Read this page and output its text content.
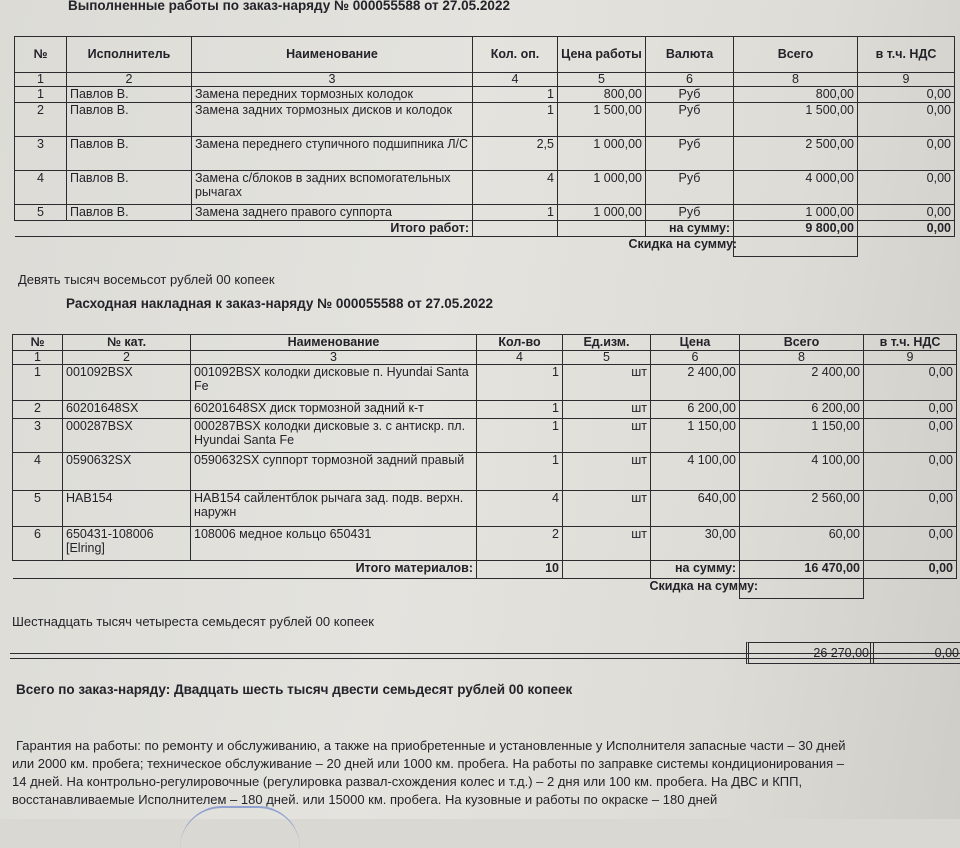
Выполненные работы по заказ-наряду № 000055588 от 27.05.2022
№	Исполнитель	Наименование	Кол. оп.	Цена работы	Валюта	Всего	в т.ч. НДС
1	2	3	4	5	6	8	9
1	Павлов В.	Замена передних тормозных колодок	1	800,00	Руб	800,00	0,00
2	Павлов В.	Замена задних тормозных дисков и колодок	1	1 500,00	Руб	1 500,00	0,00
3	Павлов В.	Замена переднего ступичного подшипника Л/С	2,5	1 000,00	Руб	2 500,00	0,00
4	Павлов В.	Замена с/блоков в задних вспомогательных рычагах	4	1 000,00	Руб	4 000,00	0,00
5	Павлов В.	Замена заднего правого суппорта	1	1 000,00	Руб	1 000,00	0,00

Итого работ:					на сумму:	9 800,00	0,00
					Скидка на сумму:		
Девять тысяч восемьсот рублей 00 копеек
Расходная накладная к заказ-наряду № 000055588 от 27.05.2022
№	№ кат.	Наименование	Кол-во	Ед.изм.	Цена	Всего	в т.ч. НДС
1	2	3	4	5	6	8	9
1	001092BSX	001092BSX колодки дисковые п. Hyundai Santa Fe	1	шт	2 400,00	2 400,00	0,00
2	60201648SX	60201648SX диск тормозной задний к-т	1	шт	6 200,00	6 200,00	0,00
3	000287BSX	000287BSX колодки дисковые з. с антискр. пл. Hyundai Santa Fe	1	шт	1 150,00	1 150,00	0,00
4	0590632SX	0590632SX суппорт тормозной задний правый	1	шт	4 100,00	4 100,00	0,00
5	HAB154	HAB154 сайлентблок рычага зад. подв. верхн. наружн	4	шт	640,00	2 560,00	0,00
6	650431-108006 [Elring]	108006 медное кольцо 650431	2	шт	30,00	60,00	0,00

Итого материалов:			10		на сумму:	16 470,00	0,00
					Скидка на сумму:		
Шестнадцать тысяч четыреста семьдесят рублей 00 копеек
26 270,00	0,00
Всего по заказ-наряду: Двадцать шесть тысяч двести семьдесят рублей 00 копеек
Гарантия на работы: по ремонту и обслуживанию, а также на приобретенные и установленные у Исполнителя запасные части – 30 дней
или 2000 км. пробега; техническое обслуживание – 20 дней или 1000 км. пробега. На работы по заправке системы кондиционирования –
14 дней. На контрольно-регулировочные (регулировка развал-схождения колес и т.д.) – 2 дня или 100 км. пробега. На ДВС и КПП,
восстанавливаемые Исполнителем – 180 дней. или 15000 км. пробега. На кузовные и работы по окраске – 180 дней
